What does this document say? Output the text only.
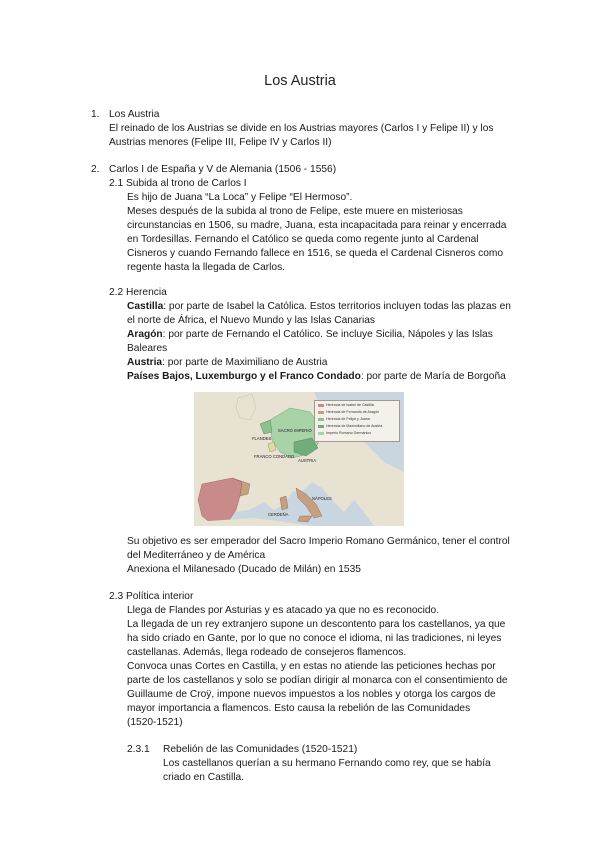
Los Austria
1. Los Austria
El reinado de los Austrias se divide en los Austrias mayores (Carlos I y Felipe II) y los
Austrias menores (Felipe III, Felipe IV y Carlos II)
2. Carlos I de España y V de Alemania (1506 - 1556)
2.1 Subida al trono de Carlos I
Es hijo de Juana “La Loca” y Felipe “El Hermoso”.
Meses después de la subida al trono de Felipe, este muere en misteriosas
circunstancias en 1506, su madre, Juana, esta incapacitada para reinar y encerrada
en Tordesillas. Fernando el Católico se queda como regente junto al Cardenal
Cisneros y cuando Fernando fallece en 1516, se queda el Cardenal Cisneros como
regente hasta la llegada de Carlos.
2.2 Herencia
Castilla: por parte de Isabel la Católica. Estos territorios incluyen todas las plazas en
el norte de África, el Nuevo Mundo y las Islas Canarias
Aragón: por parte de Fernando el Católico. Se incluye Sicilia, Nápoles y las Islas
Baleares
Austria: por parte de Maximiliano de Austria
Países Bajos, Luxemburgo y el Franco Condado: por parte de María de Borgoña
Herencia de Isabel de Castilla
Herencia de Fernando de Aragón
Herencia de Felipe y Juana
Herencia de Maximiliano de Austria
Imperio Romano Germánico
SACRO IMPERIO
FLANDES
FRANCO CONDADO
AUSTRIA
NÁPOLES
CERDEÑA
Su objetivo es ser emperador del Sacro Imperio Romano Germánico, tener el control
del Mediterráneo y de América
Anexiona el Milanesado (Ducado de Milán) en 1535
2.3 Política interior
Llega de Flandes por Asturias y es atacado ya que no es reconocido.
La llegada de un rey extranjero supone un descontento para los castellanos, ya que
ha sido criado en Gante, por lo que no conoce el idioma, ni las tradiciones, ni leyes
castellanas. Además, llega rodeado de consejeros flamencos.
Convoca unas Cortes en Castilla, y en estas no atiende las peticiones hechas por
parte de los castellanos y solo se podían dirigir al monarca con el consentimiento de
Guillaume de Croÿ, impone nuevos impuestos a los nobles y otorga los cargos de
mayor importancia a flamencos. Esto causa la rebelión de las Comunidades
(1520-1521)
2.3.1 Rebelión de las Comunidades (1520-1521)
Los castellanos querían a su hermano Fernando como rey, que se había
criado en Castilla.
